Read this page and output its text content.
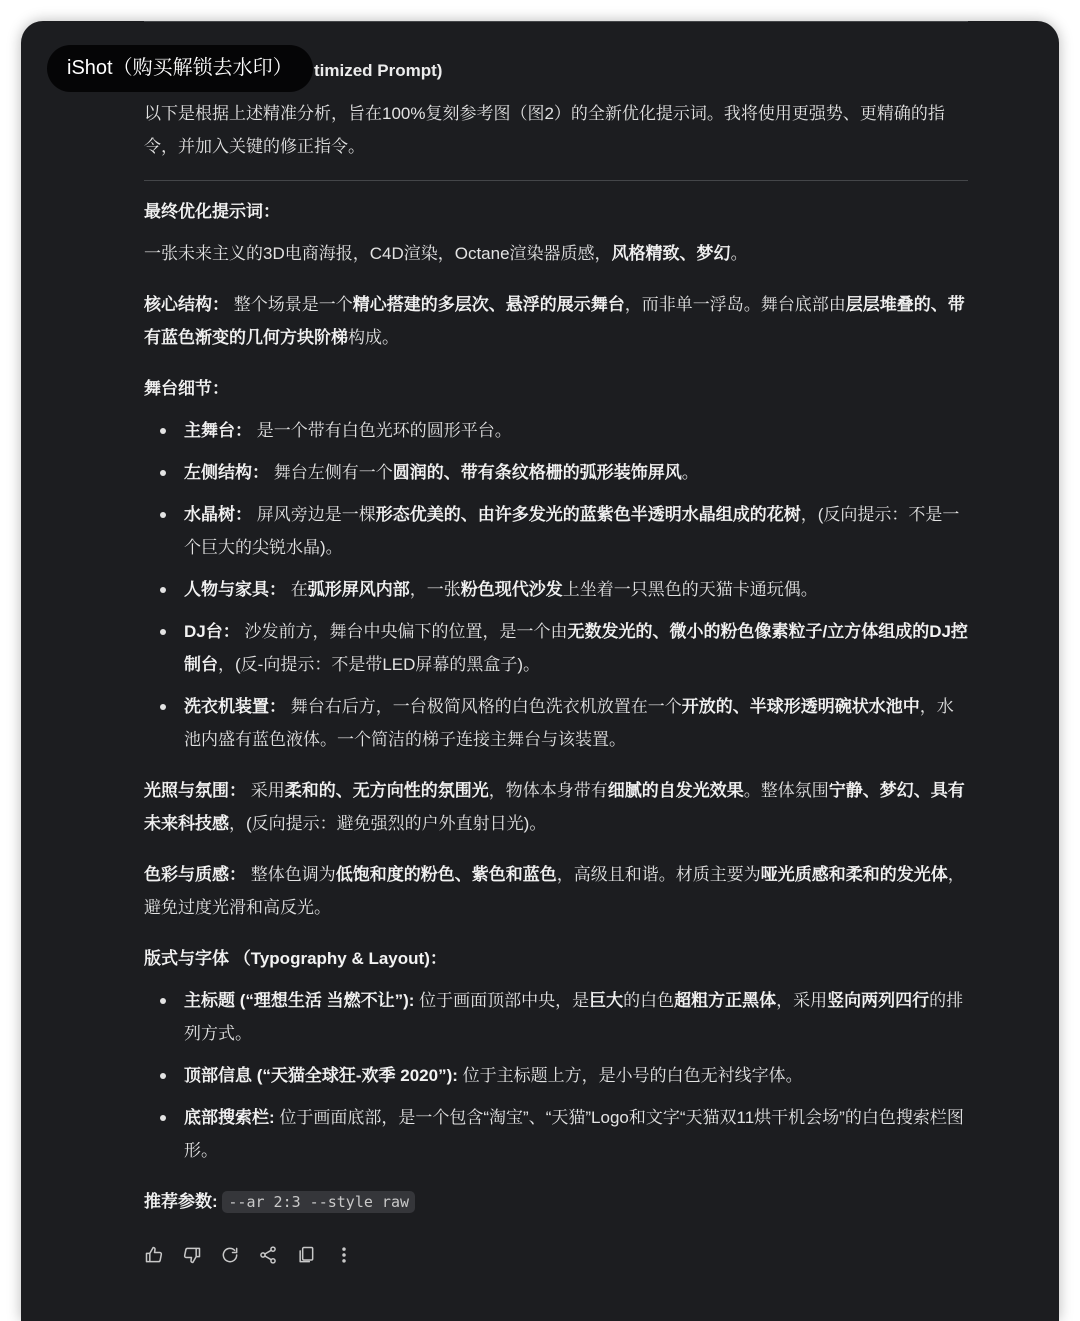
timized Prompt)

以下是根据上述精准分析，旨在100%复刻参考图（图2）的全新优化提示词。我将使用更强势、更精确的指令，并加入关键的修正指令。

最终优化提示词：

一张未来主义的3D电商海报，C4D渲染，Octane渲染器质感，风格精致、梦幻。

核心结构： 整个场景是一个精心搭建的多层次、悬浮的展示舞台，而非单一浮岛。舞台底部由层层堆叠的、带有蓝色渐变的几何方块阶梯构成。

舞台细节：
主舞台： 是一个带有白色光环的圆形平台。
左侧结构： 舞台左侧有一个圆润的、带有条纹格栅的弧形装饰屏风。
水晶树： 屏风旁边是一棵形态优美的、由许多发光的蓝紫色半透明水晶组成的花树，(反向提示：不是一个巨大的尖锐水晶)。
人物与家具： 在弧形屏风内部，一张粉色现代沙发上坐着一只黑色的天猫卡通玩偶。
DJ台： 沙发前方，舞台中央偏下的位置，是一个由无数发光的、微小的粉色像素粒子/立方体组成的DJ控制台，(反-向提示：不是带LED屏幕的黑盒子)。
洗衣机装置： 舞台右后方，一台极简风格的白色洗衣机放置在一个开放的、半球形透明碗状水池中，水池内盛有蓝色液体。一个简洁的梯子连接主舞台与该装置。

光照与氛围： 采用柔和的、无方向性的氛围光，物体本身带有细腻的自发光效果。整体氛围宁静、梦幻、具有未来科技感，(反向提示：避免强烈的户外直射日光)。

色彩与质感： 整体色调为低饱和度的粉色、紫色和蓝色，高级且和谐。材质主要为哑光质感和柔和的发光体，避免过度光滑和高反光。

版式与字体 （Typography & Layout)：
主标题 (“理想生活 当燃不让”): 位于画面顶部中央，是巨大的白色超粗方正黑体，采用竖向两列四行的排列方式。
顶部信息 (“天猫全球狂-欢季 2020”): 位于主标题上方，是小号的白色无衬线字体。
底部搜索栏: 位于画面底部，是一个包含“淘宝”、“天猫”Logo和文字“天猫双11烘干机会场”的白色搜索栏图形。

推荐参数: --ar 2:3 --style raw

iShot（购买解锁去水印）
